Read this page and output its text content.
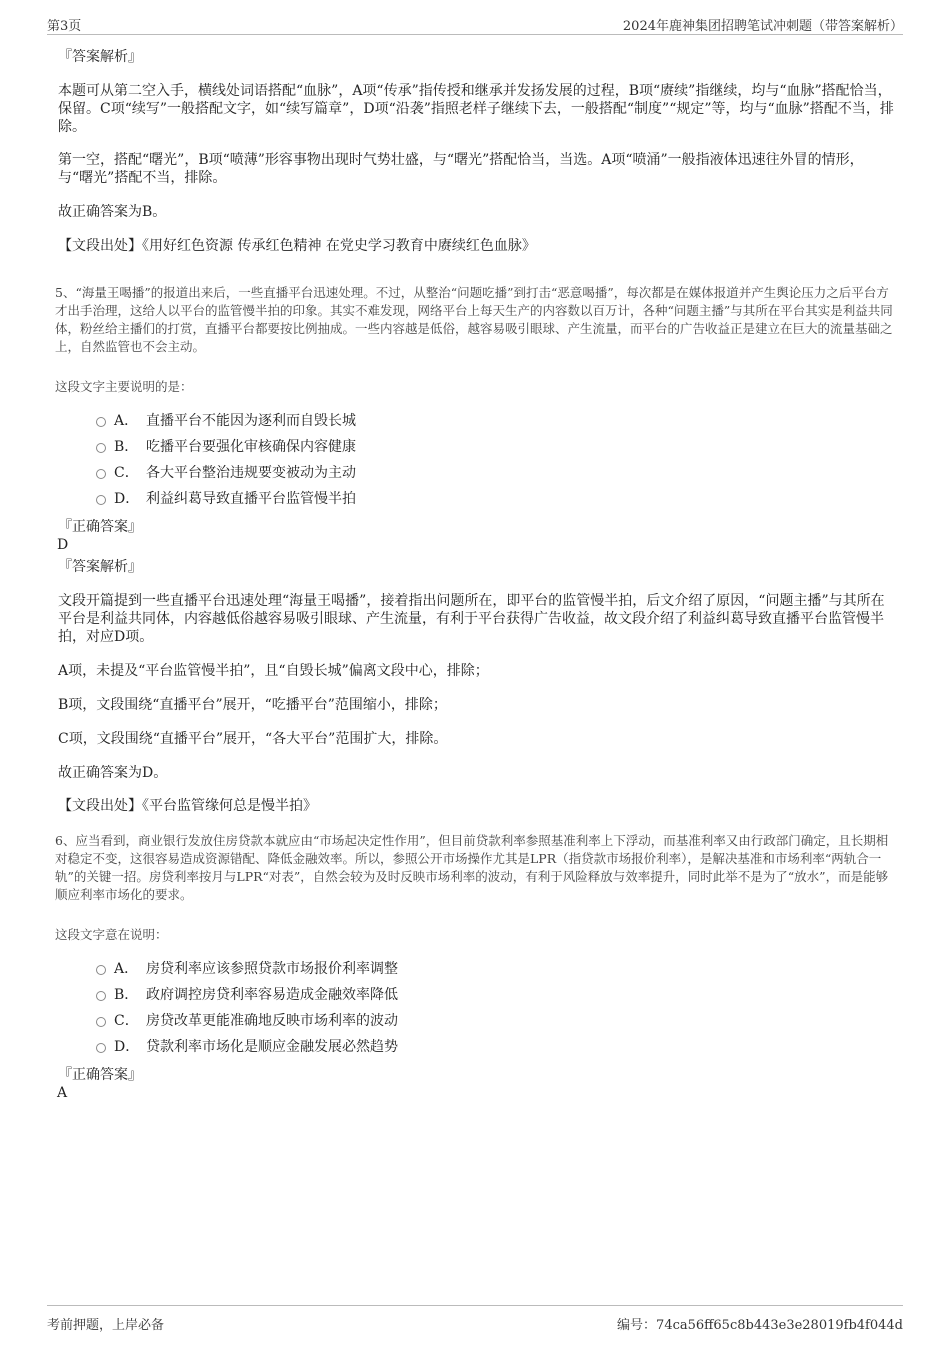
第3页	2024年鹿神集团招聘笔试冲刺题（带答案解析）
『答案解析』
本题可从第二空入手，横线处词语搭配“血脉”，A项“传承”指传授和继承并发扬发展的过程，B项“赓续”指继续，均与“血脉”搭配恰当，保留。C项“续写”一般搭配文字，如“续写篇章”，D项“沿袭”指照老样子继续下去，一般搭配“制度”“规定”等，均与“血脉”搭配不当，排除。
第一空，搭配“曙光”，B项“喷薄”形容事物出现时气势壮盛，与“曙光”搭配恰当，当选。A项“喷涌”一般指液体迅速往外冒的情形，与“曙光”搭配不当，排除。
故正确答案为B。
【文段出处】《用好红色资源 传承红色精神 在党史学习教育中赓续红色血脉》
5、“海量王喝播”的报道出来后，一些直播平台迅速处理。不过，从整治“问题吃播”到打击“恶意喝播”，每次都是在媒体报道并产生舆论压力之后平台方才出手治理，这给人以平台的监管慢半拍的印象。其实不难发现，网络平台上每天生产的内容数以百万计，各种“问题主播”与其所在平台其实是利益共同体，粉丝给主播们的打赏，直播平台都要按比例抽成。一些内容越是低俗，越容易吸引眼球、产生流量，而平台的广告收益正是建立在巨大的流量基础之上，自然监管也不会主动。
这段文字主要说明的是：
A． 直播平台不能因为逐利而自毁长城
B． 吃播平台要强化审核确保内容健康
C． 各大平台整治违规要变被动为主动
D． 利益纠葛导致直播平台监管慢半拍
『正确答案』
D
『答案解析』
文段开篇提到一些直播平台迅速处理“海量王喝播”，接着指出问题所在，即平台的监管慢半拍，后文介绍了原因，“问题主播”与其所在平台是利益共同体，内容越低俗越容易吸引眼球、产生流量，有利于平台获得广告收益，故文段介绍了利益纠葛导致直播平台监管慢半拍，对应D项。
A项，未提及“平台监管慢半拍”，且“自毁长城”偏离文段中心，排除；
B项，文段围绕“直播平台”展开，“吃播平台”范围缩小，排除；
C项，文段围绕“直播平台”展开，“各大平台”范围扩大，排除。
故正确答案为D。
【文段出处】《平台监管缘何总是慢半拍》
6、应当看到，商业银行发放住房贷款本就应由“市场起决定性作用”，但目前贷款利率参照基准利率上下浮动，而基准利率又由行政部门确定，且长期相对稳定不变，这很容易造成资源错配、降低金融效率。所以，参照公开市场操作尤其是LPR（指贷款市场报价利率），是解决基准和市场利率“两轨合一轨”的关键一招。房贷利率按月与LPR“对表”，自然会较为及时反映市场利率的波动，有利于风险释放与效率提升，同时此举不是为了“放水”，而是能够顺应利率市场化的要求。
这段文字意在说明：
A． 房贷利率应该参照贷款市场报价利率调整
B． 政府调控房贷利率容易造成金融效率降低
C． 房贷改革更能准确地反映市场利率的波动
D． 贷款利率市场化是顺应金融发展必然趋势
『正确答案』
A
考前押题，上岸必备	编号：74ca56ff65c8b443e3e28019fb4f044d
